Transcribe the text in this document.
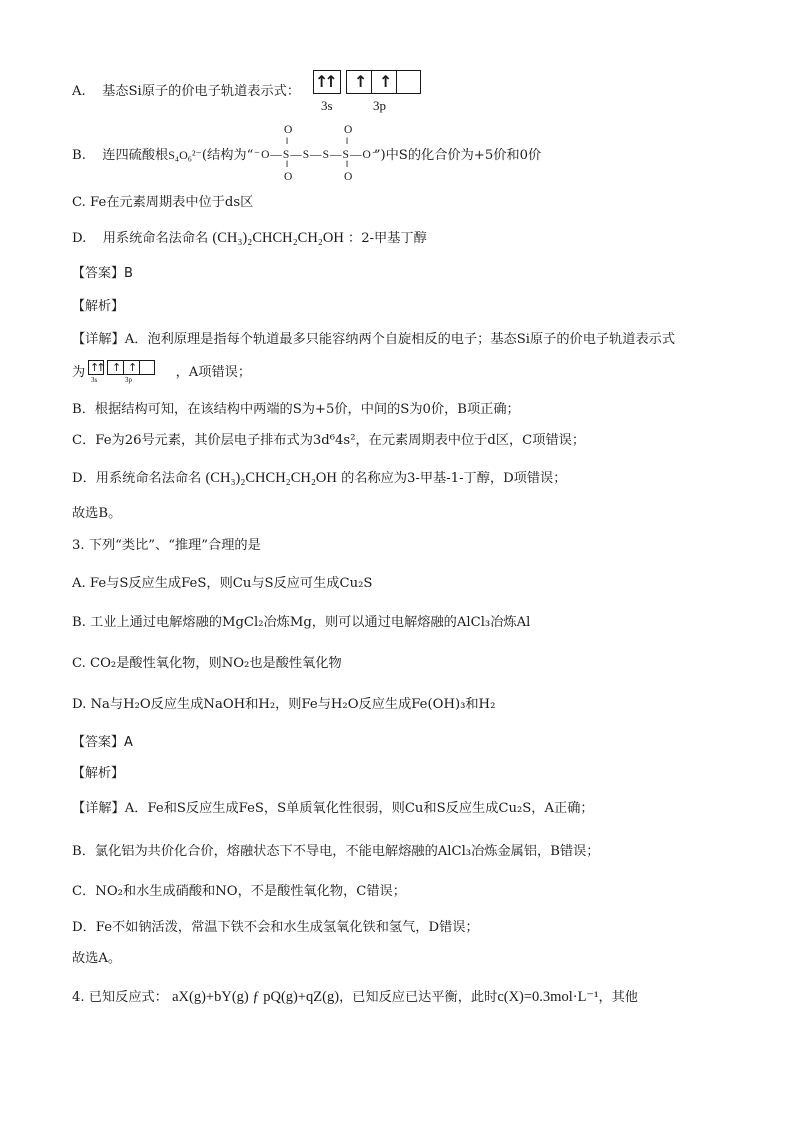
A. 基态Si原子的价电子轨道表示式：
↑↑ ↑ ↑
3s	3p
B. 连四硫酸根S₄O₆²⁻(结构为“	”)中S的化合价为+5价和0价
O	O
‖	‖
⁻O—S—S—S—S—O⁻
‖	‖
O	O
C. Fe在元素周期表中位于ds区
D. 用系统命名法命名 (CH₃)₂CHCH₂CH₂OH ：2-甲基丁醇
【答案】B
【解析】
【详解】A．泡利原理是指每个轨道最多只能容纳两个自旋相反的电子；基态Si原子的价电子轨道表示式
为	，A项错误；
↑↑ ↑ ↑
3s	3p
B．根据结构可知，在该结构中两端的S为+5价，中间的S为0价，B项正确；
C．Fe为26号元素，其价层电子排布式为3d⁶4s²，在元素周期表中位于d区，C项错误；
D．用系统命名法命名 (CH₃)₂CHCH₂CH₂OH 的名称应为3-甲基-1-丁醇，D项错误；
故选B。
3. 下列“类比”、“推理”合理的是
A. Fe与S反应生成FeS，则Cu与S反应可生成Cu₂S
B. 工业上通过电解熔融的MgCl₂冶炼Mg，则可以通过电解熔融的AlCl₃冶炼Al
C. CO₂是酸性氧化物，则NO₂也是酸性氧化物
D. Na与H₂O反应生成NaOH和H₂，则Fe与H₂O反应生成Fe(OH)₃和H₂
【答案】A
【解析】
【详解】A．Fe和S反应生成FeS，S单质氧化性很弱，则Cu和S反应生成Cu₂S，A正确；
B．氯化铝为共价化合价，熔融状态下不导电，不能电解熔融的AlCl₃冶炼金属铝，B错误；
C．NO₂和水生成硝酸和NO，不是酸性氧化物，C错误；
D．Fe不如钠活泼，常温下铁不会和水生成氢氧化铁和氢气，D错误；
故选A。
4. 已知反应式： aX(g)+bY(g) ƒ pQ(g)+qZ(g)，已知反应已达平衡，此时c(X)=0.3mol·L⁻¹，其他
